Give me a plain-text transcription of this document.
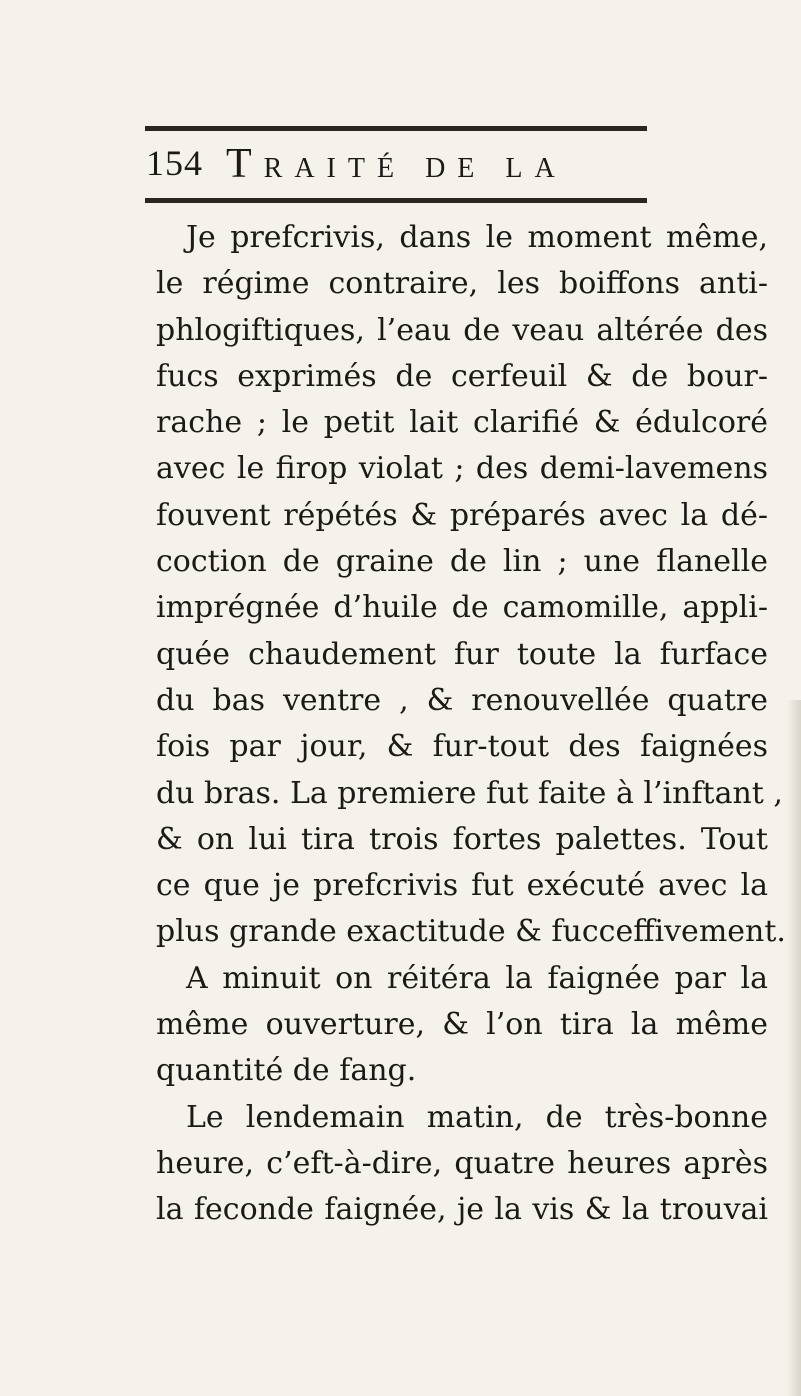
154 TRAITÉ DE LA
Je prefcrivis, dans le moment même,
le régime contraire, les boiffons anti-
phlogiftiques, l’eau de veau altérée des
fucs exprimés de cerfeuil & de bour-
rache ; le petit lait clarifié & édulcoré
avec le firop violat ; des demi-lavemens
fouvent répétés & préparés avec la dé-
coction de graine de lin ; une flanelle
imprégnée d’huile de camomille, appli-
quée chaudement fur toute la furface
du bas ventre , & renouvellée quatre
fois par jour, & fur-tout des faignées
du bras. La premiere fut faite à l’inftant ,
& on lui tira trois fortes palettes. Tout
ce que je prefcrivis fut exécuté avec la
plus grande exactitude & fucceffivement.
A minuit on réitéra la faignée par la
même ouverture, & l’on tira la même
quantité de fang.
Le lendemain matin, de très-bonne
heure, c’eft-à-dire, quatre heures après
la feconde faignée, je la vis & la trouvai
